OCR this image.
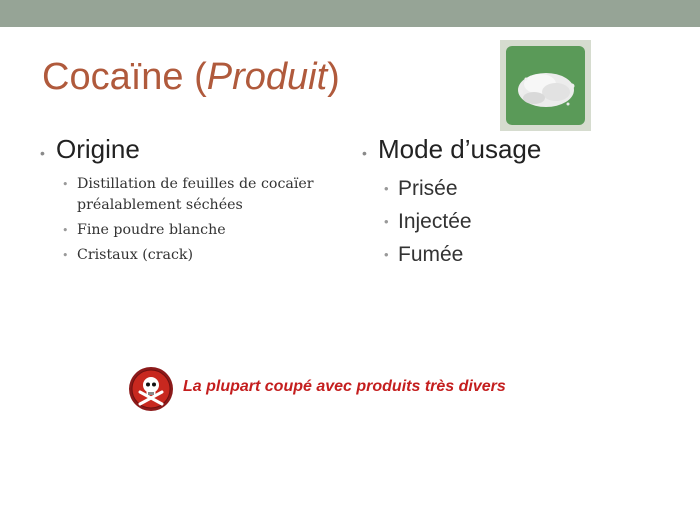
Cocaïne (Produit)
• Origine
• Distillation de feuilles de cocaïer préalablement séchées
• Fine poudre blanche
• Cristaux (crack)
• Mode d’usage
• Prisée
• Injectée
• Fumée
La plupart coupé avec produits très divers
